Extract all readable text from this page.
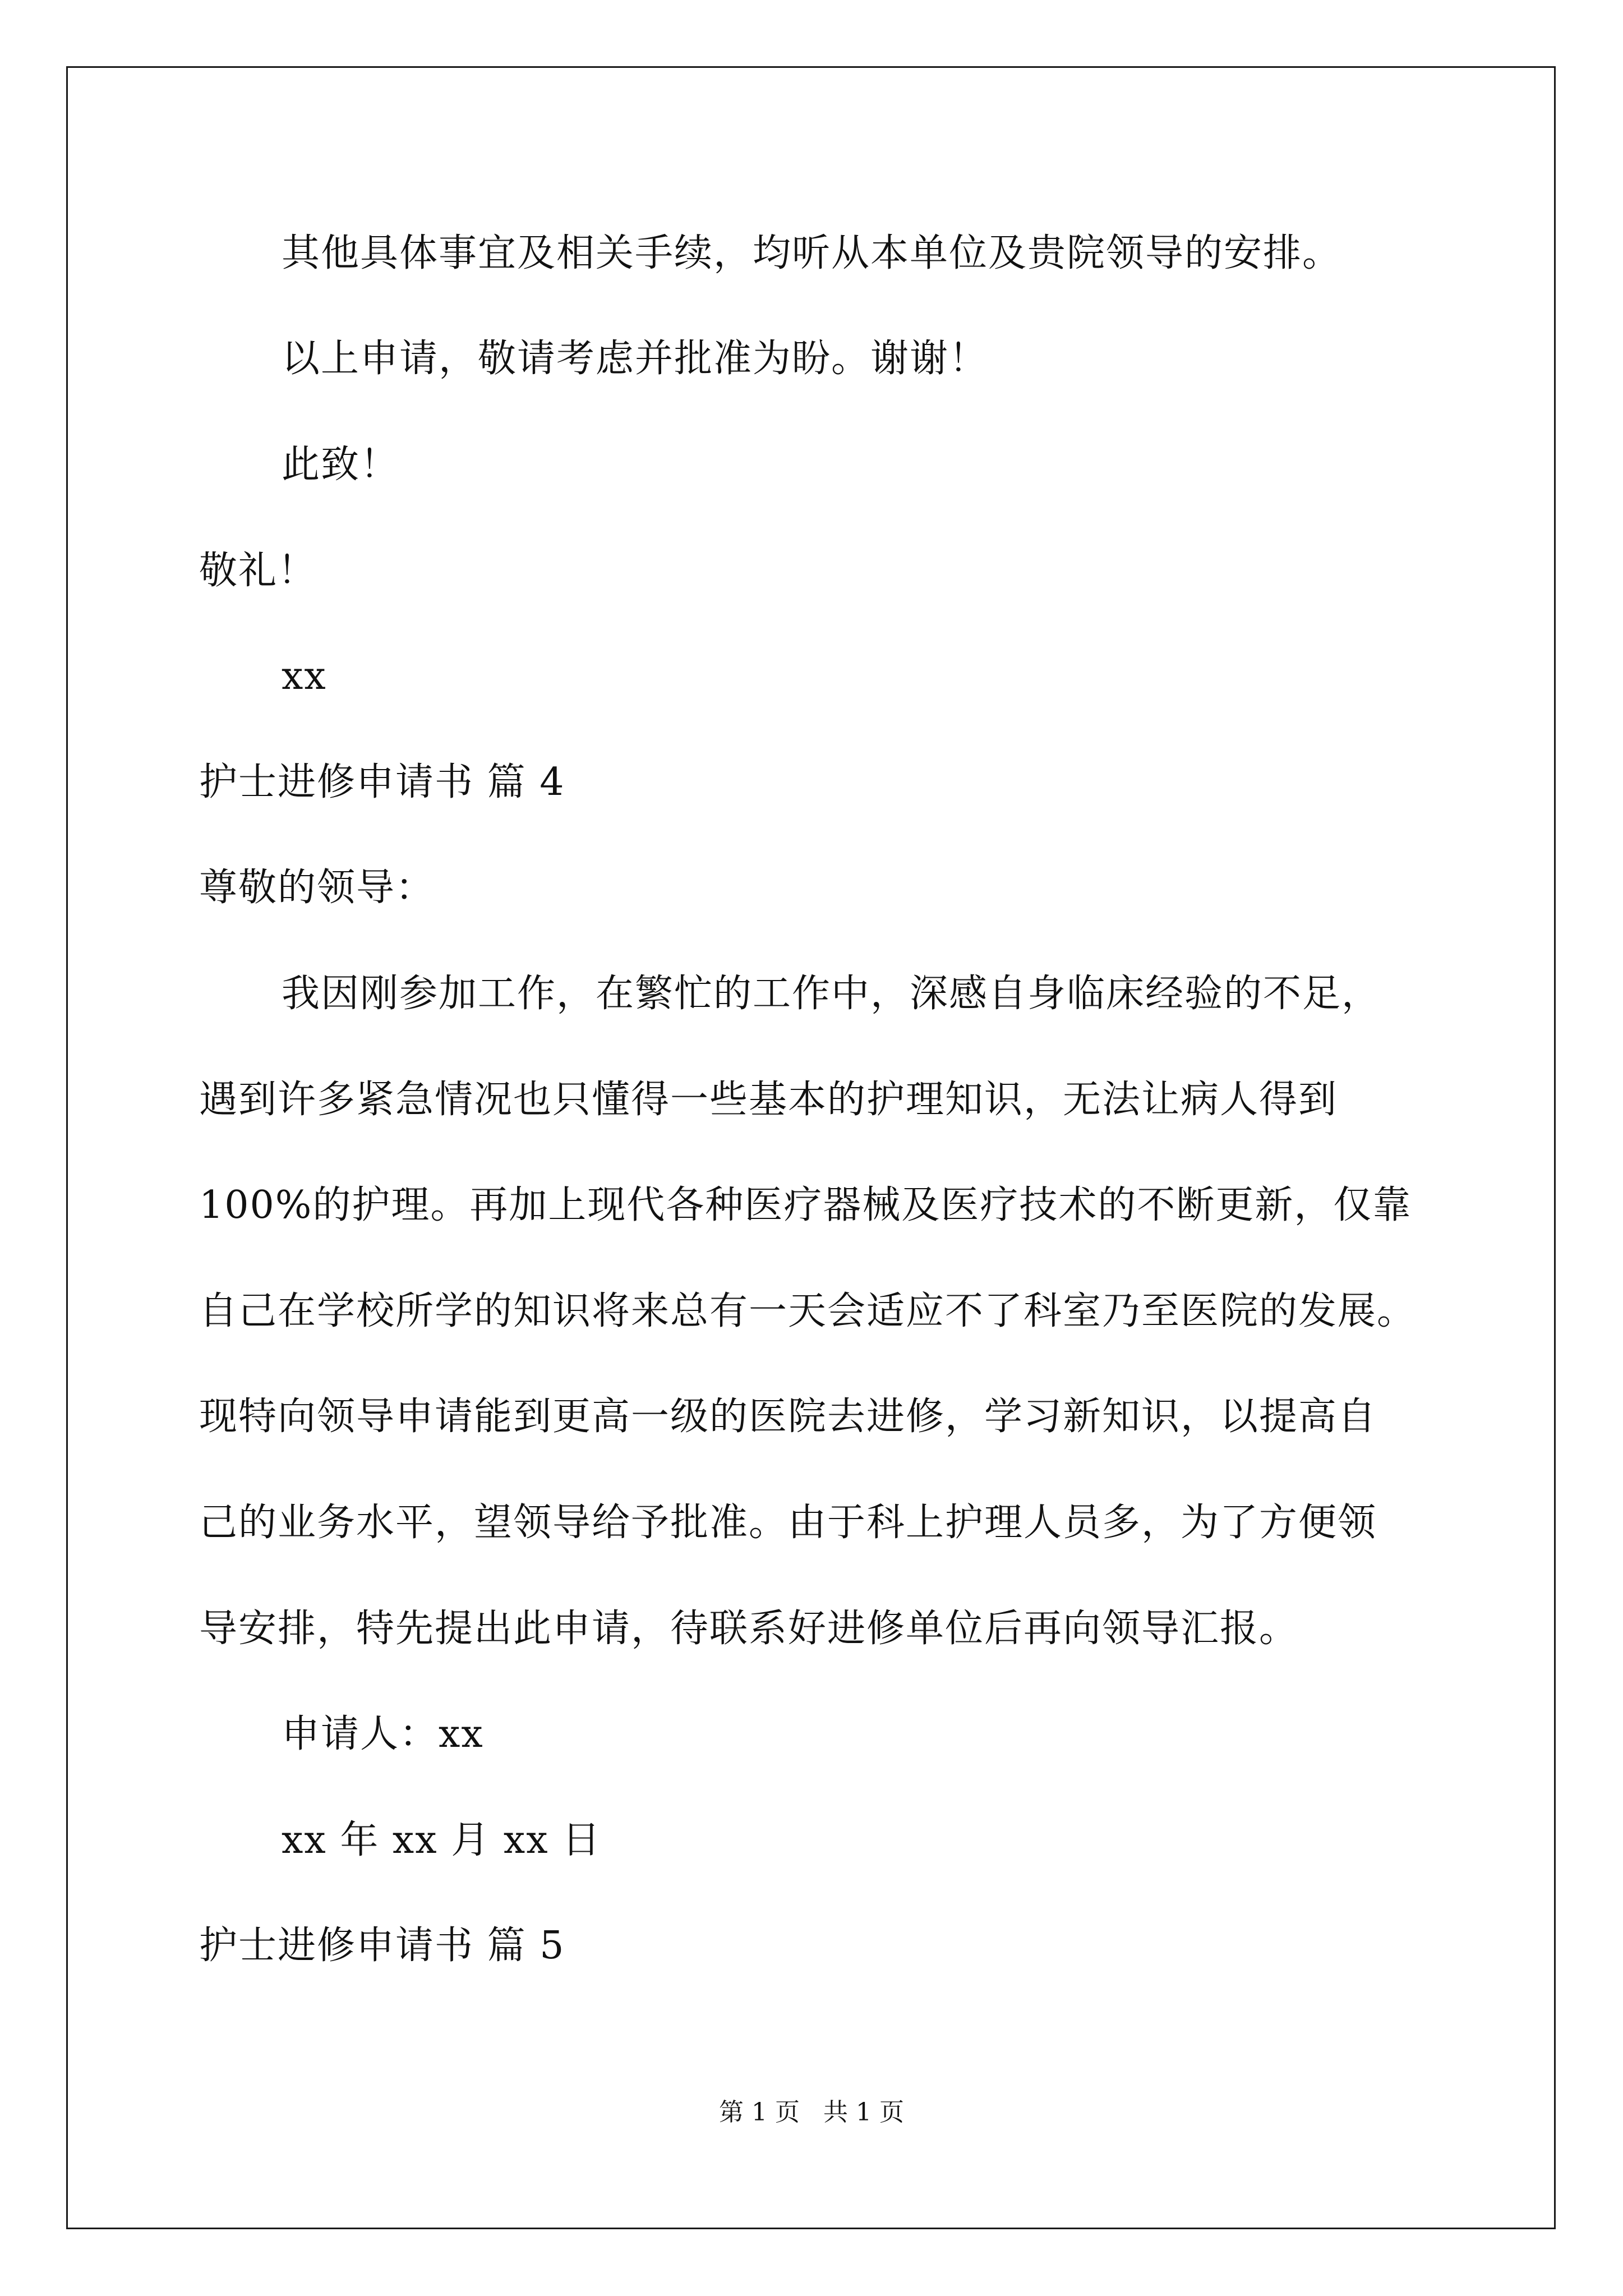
其他具体事宜及相关手续，均听从本单位及贵院领导的安排。
以上申请，敬请考虑并批准为盼。谢谢！
此致！
敬礼！
xx
护士进修申请书 篇 4
尊敬的领导：
我因刚参加工作，在繁忙的工作中，深感自身临床经验的不足，
遇到许多紧急情况也只懂得一些基本的护理知识，无法让病人得到
100%的护理。再加上现代各种医疗器械及医疗技术的不断更新，仅靠
自己在学校所学的知识将来总有一天会适应不了科室乃至医院的发展。
现特向领导申请能到更高一级的医院去进修，学习新知识，以提高自
己的业务水平，望领导给予批准。由于科上护理人员多，为了方便领
导安排，特先提出此申请，待联系好进修单位后再向领导汇报。
申请人：xx
xx 年 xx 月 xx 日
护士进修申请书 篇 5
第 1 页   共 1 页
